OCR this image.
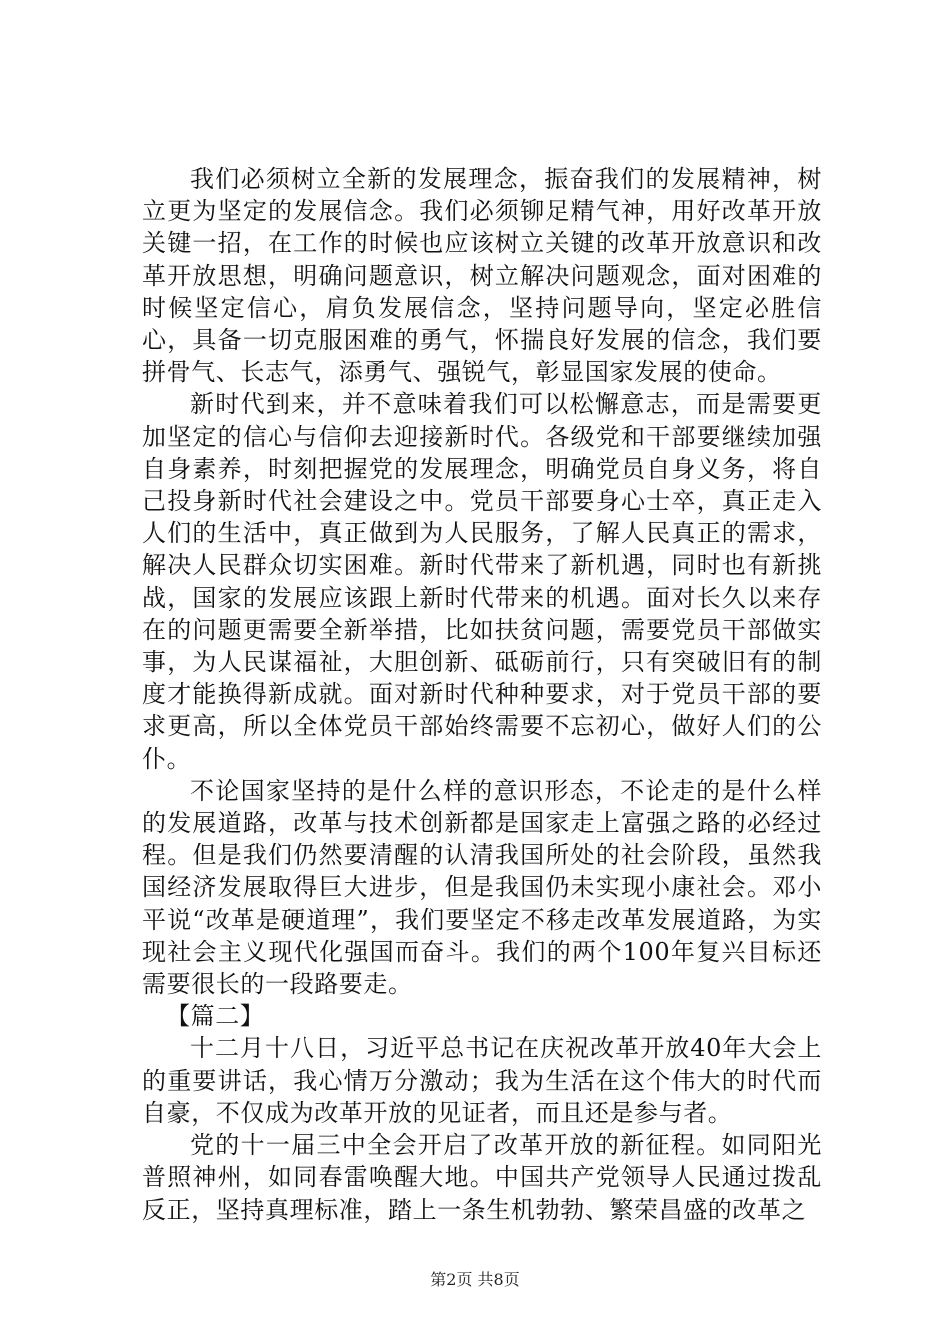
我们必须树立全新的发展理念，振奋我们的发展精神，树立更为坚定的发展信念。我们必须铆足精气神，用好改革开放关键一招，在工作的时候也应该树立关键的改革开放意识和改革开放思想，明确问题意识，树立解决问题观念，面对困难的时候坚定信心，肩负发展信念，坚持问题导向，坚定必胜信心，具备一切克服困难的勇气，怀揣良好发展的信念，我们要拼骨气、长志气，添勇气、强锐气，彰显国家发展的使命。

新时代到来，并不意味着我们可以松懈意志，而是需要更加坚定的信心与信仰去迎接新时代。各级党和干部要继续加强自身素养，时刻把握党的发展理念，明确党员自身义务，将自己投身新时代社会建设之中。党员干部要身心士卒，真正走入人们的生活中，真正做到为人民服务，了解人民真正的需求，解决人民群众切实困难。新时代带来了新机遇，同时也有新挑战，国家的发展应该跟上新时代带来的机遇。面对长久以来存在的问题更需要全新举措，比如扶贫问题，需要党员干部做实事，为人民谋福祉，大胆创新、砥砺前行，只有突破旧有的制度才能换得新成就。面对新时代种种要求，对于党员干部的要求更高，所以全体党员干部始终需要不忘初心，做好人们的公仆。

不论国家坚持的是什么样的意识形态，不论走的是什么样的发展道路，改革与技术创新都是国家走上富强之路的必经过程。但是我们仍然要清醒的认清我国所处的社会阶段，虽然我国经济发展取得巨大进步，但是我国仍未实现小康社会。邓小平说“改革是硬道理”，我们要坚定不移走改革发展道路，为实现社会主义现代化强国而奋斗。我们的两个100年复兴目标还需要很长的一段路要走。

【篇二】

十二月十八日，习近平总书记在庆祝改革开放40年大会上的重要讲话，我心情万分激动；我为生活在这个伟大的时代而自豪，不仅成为改革开放的见证者，而且还是参与者。

党的十一届三中全会开启了改革开放的新征程。如同阳光普照神州，如同春雷唤醒大地。中国共产党领导人民通过拨乱反正，坚持真理标准，踏上一条生机勃勃、繁荣昌盛的改革之

第2页 共8页
